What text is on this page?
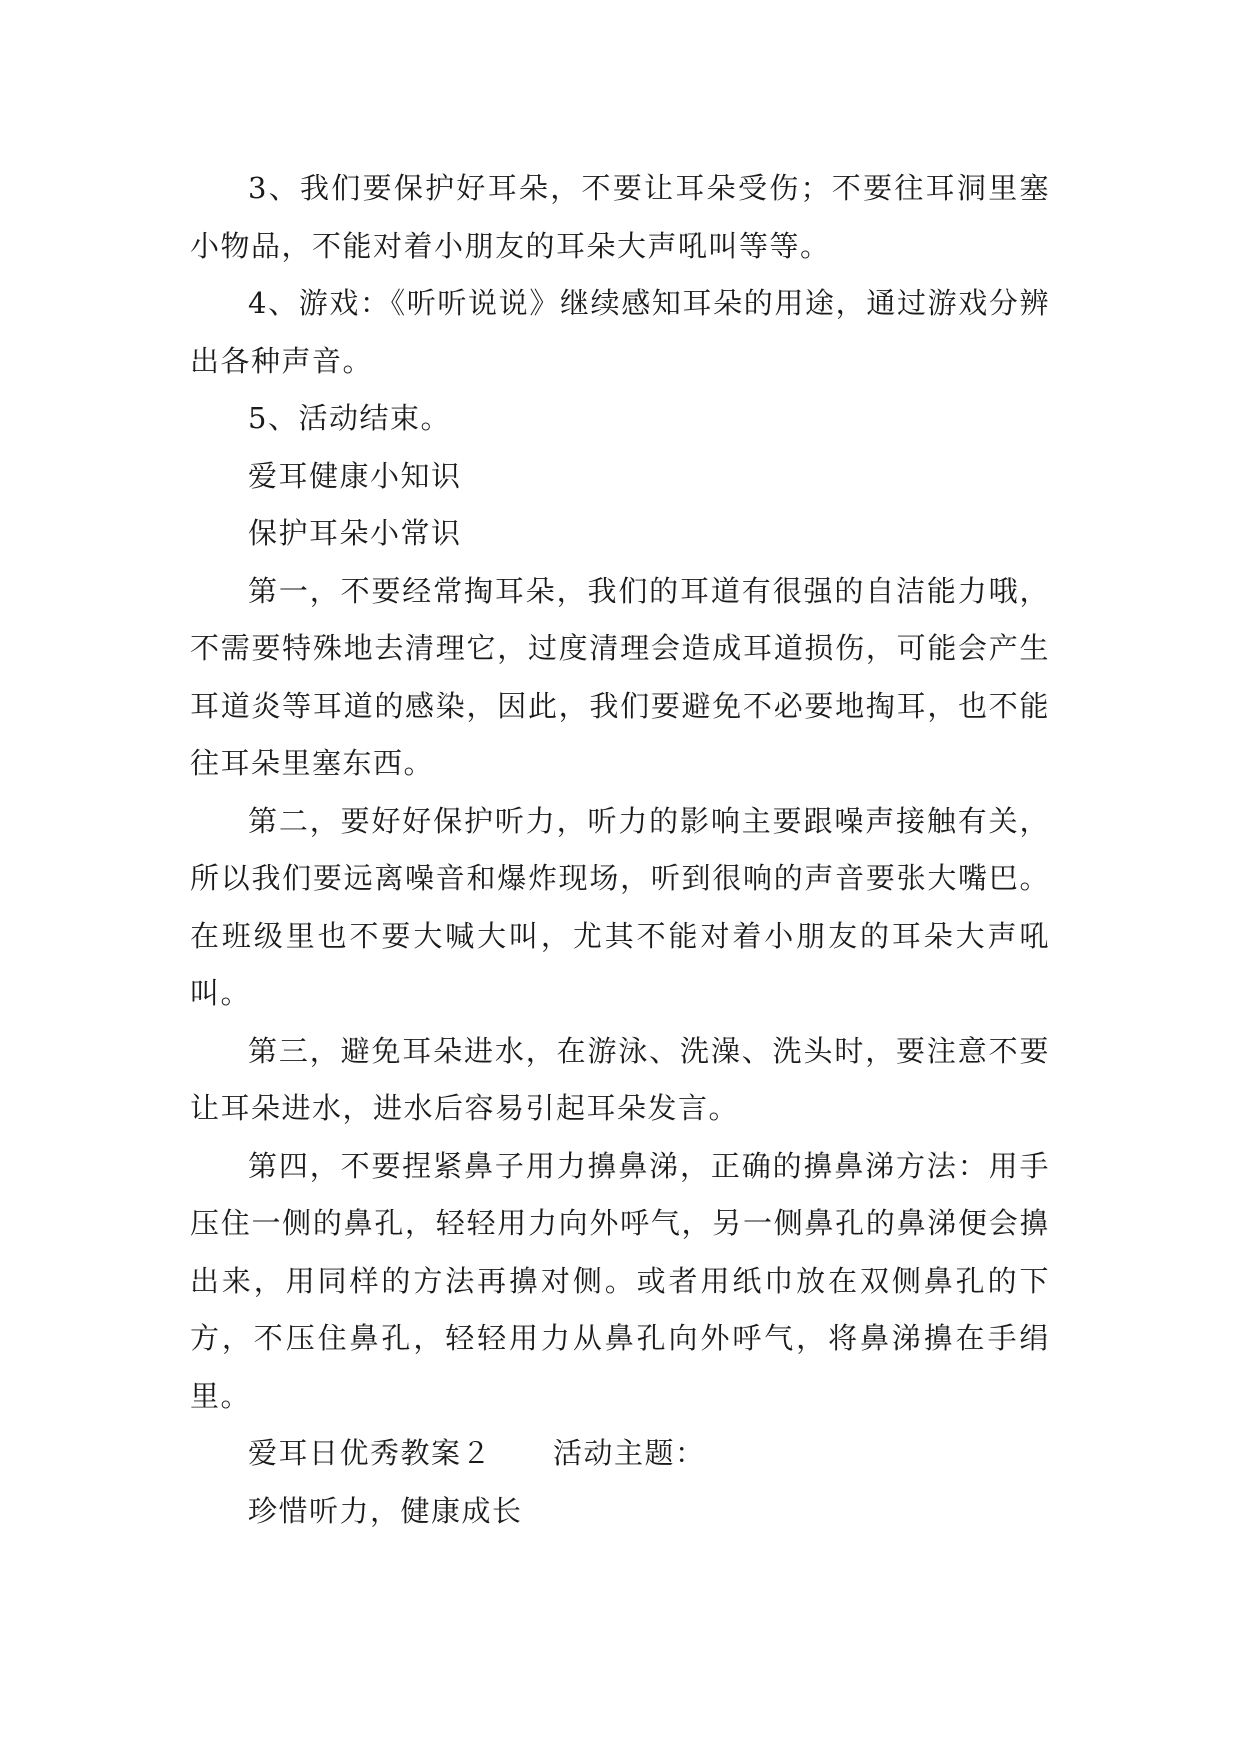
3、我们要保护好耳朵，不要让耳朵受伤；不要往耳洞里塞小物品，不能对着小朋友的耳朵大声吼叫等等。

4、游戏：《听听说说》继续感知耳朵的用途，通过游戏分辨出各种声音。

5、活动结束。

爱耳健康小知识

保护耳朵小常识

第一，不要经常掏耳朵，我们的耳道有很强的自洁能力哦，不需要特殊地去清理它，过度清理会造成耳道损伤，可能会产生耳道炎等耳道的感染，因此，我们要避免不必要地掏耳，也不能往耳朵里塞东西。

第二，要好好保护听力，听力的影响主要跟噪声接触有关，所以我们要远离噪音和爆炸现场，听到很响的声音要张大嘴巴。在班级里也不要大喊大叫，尤其不能对着小朋友的耳朵大声吼叫。

第三，避免耳朵进水，在游泳、洗澡、洗头时，要注意不要让耳朵进水，进水后容易引起耳朵发言。

第四，不要捏紧鼻子用力擤鼻涕，正确的擤鼻涕方法：用手压住一侧的鼻孔，轻轻用力向外呼气，另一侧鼻孔的鼻涕便会擤出来，用同样的方法再擤对侧。或者用纸巾放在双侧鼻孔的下方，不压住鼻孔，轻轻用力从鼻孔向外呼气，将鼻涕擤在手绢里。

爱耳日优秀教案２　　活动主题：

珍惜听力，健康成长
